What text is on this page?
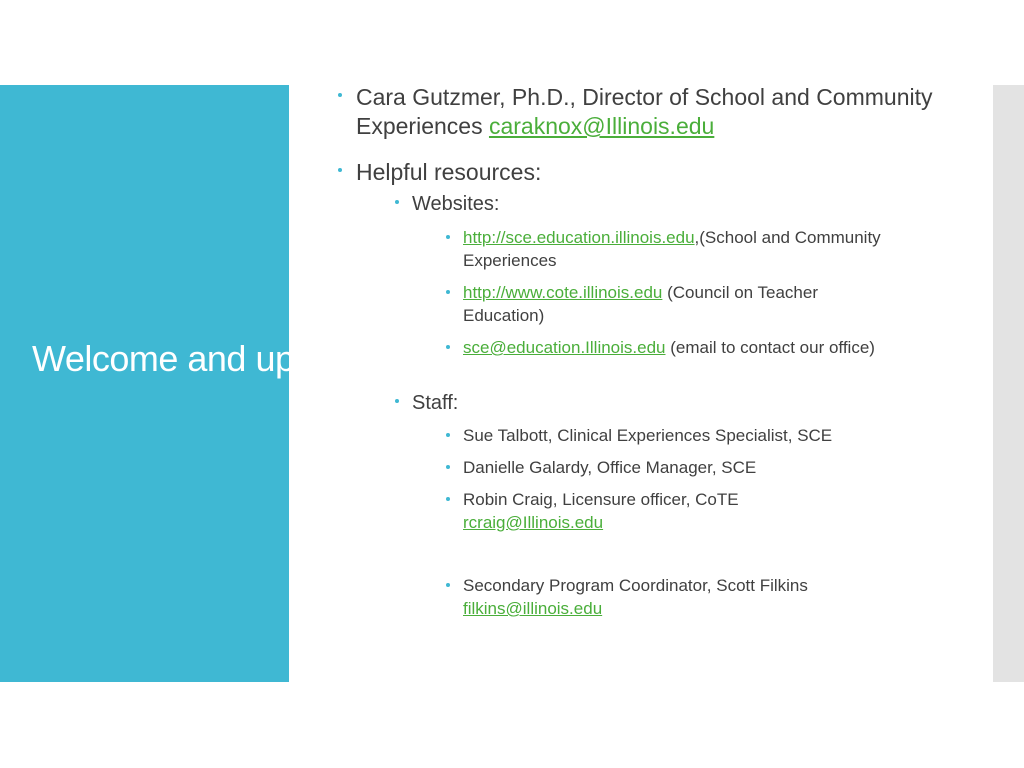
Welcome and updates
Cara Gutzmer, Ph.D., Director of School and Community Experiences caraknox@Illinois.edu
Helpful resources:
Websites:
http://sce.education.illinois.edu,(School and Community Experiences
http://www.cote.illinois.edu (Council on Teacher Education)
sce@education.Illinois.edu (email to contact our office)
Staff:
Sue Talbott, Clinical Experiences Specialist, SCE
Danielle Galardy, Office Manager, SCE
Robin Craig, Licensure officer, CoTE rcraig@Illinois.edu
Secondary Program Coordinator, Scott Filkins filkins@illinois.edu
